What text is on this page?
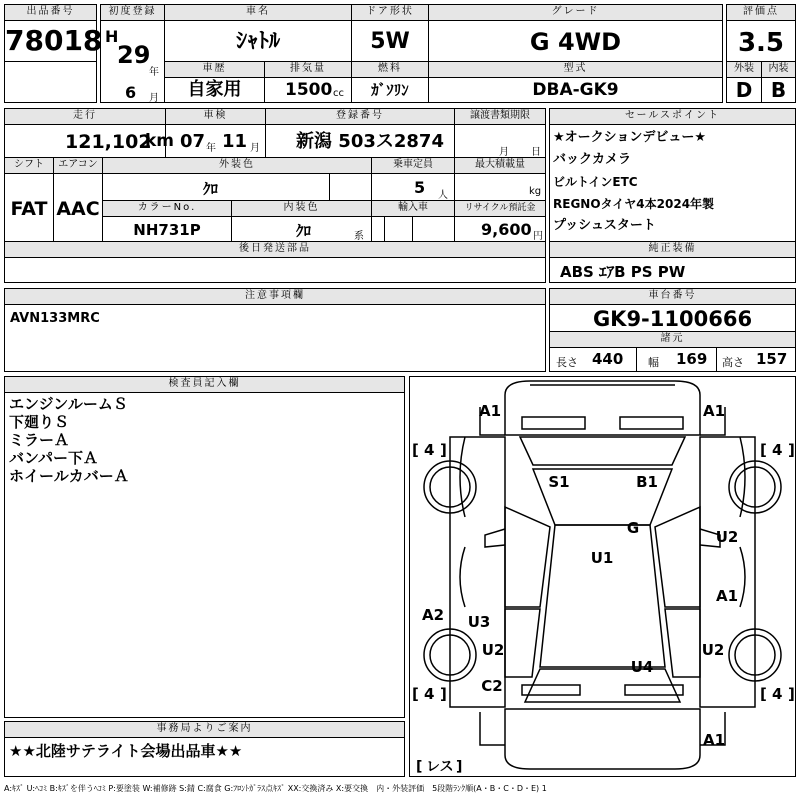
出品番号
78018
初度登録
H
29
年
6 月
車名
ｼｬﾄﾙ
ドア形状
5W
グレード
G 4WD
評価点
3.5
車歴
自家用
排気量
1500 cc
燃料
ｶﾞｿﾘﾝ
型式
DBA-GK9
外装
D
内装
B
走行
121,102
km
車検
07 年 11 月
登録番号
新潟 503ス2874
譲渡書類期限
月 日
シフト
FAT
エアコン
AAC
外装色
ｸﾛ
乗車定員
5 人
最大積載量
kg
カラーNo.
NH731P
内装色
ｸﾛ	系
輸入車	リサイクル預託金
9,600 円
後日発送部品
セールスポイント
★オークションデビュー★
バックカメラ
ビルトインETC
REGNOタイヤ4本2024年製
プッシュスタート
純正装備
ABS ｴｱB PS PW
注意事項欄
AVN133MRC
車台番号
GK9-1100666
諸元
長さ 440 幅 169 高さ 157
検査員記入欄
エンジンルームＳ
下廻りＳ
ミラーＡ
バンパー下Ａ
ホイールカバーＡ
事務局よりご案内
★★北陸サテライト会場出品車★★
A1	A1
S1	B1
G
U1
U2
A1
A2 U3
U2	U2
U4
C2
A1
[ 4 ]	[ 4 ]
[ 4 ]	[ 4 ]
[ レス ]
A:ｷｽﾞ U:ﾍｺﾐ B:ｷｽﾞを伴うﾍｺﾐ P:要塗装 W:補修跡 S:錆 C:腐食 G:ﾌﾛﾝﾄｶﾞﾗｽ点ｷｽﾞ XX:交換済み X:要交換　内・外装評価　5段階ﾗﾝｸ順(A・B・C・D・E) 1
